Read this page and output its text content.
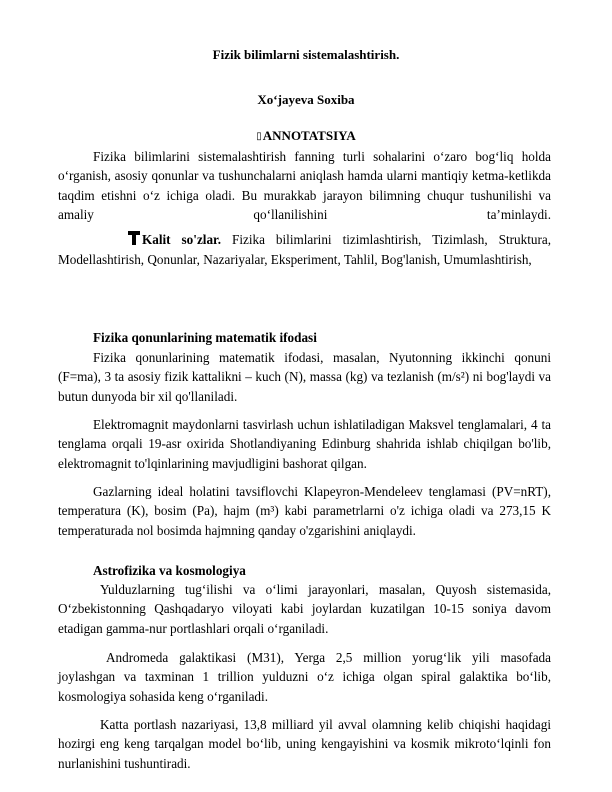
Fizik bilimlarni sistemalashtirish.
Xo‘jayeva Soxiba
▯ANNOTATSIYA

Fizika bilimlarini sistemalashtirish fanning turli sohalarini o‘zaro bog‘liq holda o‘rganish, asosiy qonunlar va tushunchalarni aniqlash hamda ularni mantiqiy ketma-ketlikda taqdim etishni o‘z ichiga oladi. Bu murakkab jarayon bilimning chuqur tushunilishi va amaliy qo‘llanilishini ta’minlaydi.

Kalit so'zlar. Fizika bilimlarini tizimlashtirish, Tizimlash, Struktura, Modellashtirish, Qonunlar, Nazariyalar, Eksperiment, Tahlil, Bog'lanish, Umumlashtirish,

Fizika qonunlarining matematik ifodasi

Fizika qonunlarining matematik ifodasi, masalan, Nyutonning ikkinchi qonuni (F=ma), 3 ta asosiy fizik kattalikni – kuch (N), massa (kg) va tezlanish (m/s²) ni bog'laydi va butun dunyoda bir xil qo'llaniladi.

Elektromagnit maydonlarni tasvirlash uchun ishlatiladigan Maksvel tenglamalari, 4 ta tenglama orqali 19-asr oxirida Shotlandiyaning Edinburg shahrida ishlab chiqilgan bo'lib, elektromagnit to'lqinlarining mavjudligini bashorat qilgan.

Gazlarning ideal holatini tavsiflovchi Klapeyron-Mendeleev tenglamasi (PV=nRT), temperatura (K), bosim (Pa), hajm (m³) kabi parametrlarni o'z ichiga oladi va 273,15 K temperaturada nol bosimda hajmning qanday o'zgarishini aniqlaydi.

Astrofizika va kosmologiya

Yulduzlarning tug‘ilishi va o‘limi jarayonlari, masalan, Quyosh sistemasida, O‘zbekistonning Qashqadaryo viloyati kabi joylardan kuzatilgan 10-15 soniya davom etadigan gamma-nur portlashlari orqali o‘rganiladi.

Andromeda galaktikasi (M31), Yerga 2,5 million yorug‘lik yili masofada joylashgan va taxminan 1 trillion yulduzni o‘z ichiga olgan spiral galaktika bo‘lib, kosmologiya sohasida keng o‘rganiladi.

Katta portlash nazariyasi, 13,8 milliard yil avval olamning kelib chiqishi haqidagi hozirgi eng keng tarqalgan model bo‘lib, uning kengayishini va kosmik mikroto‘lqinli fon nurlanishini tushuntiradi.
